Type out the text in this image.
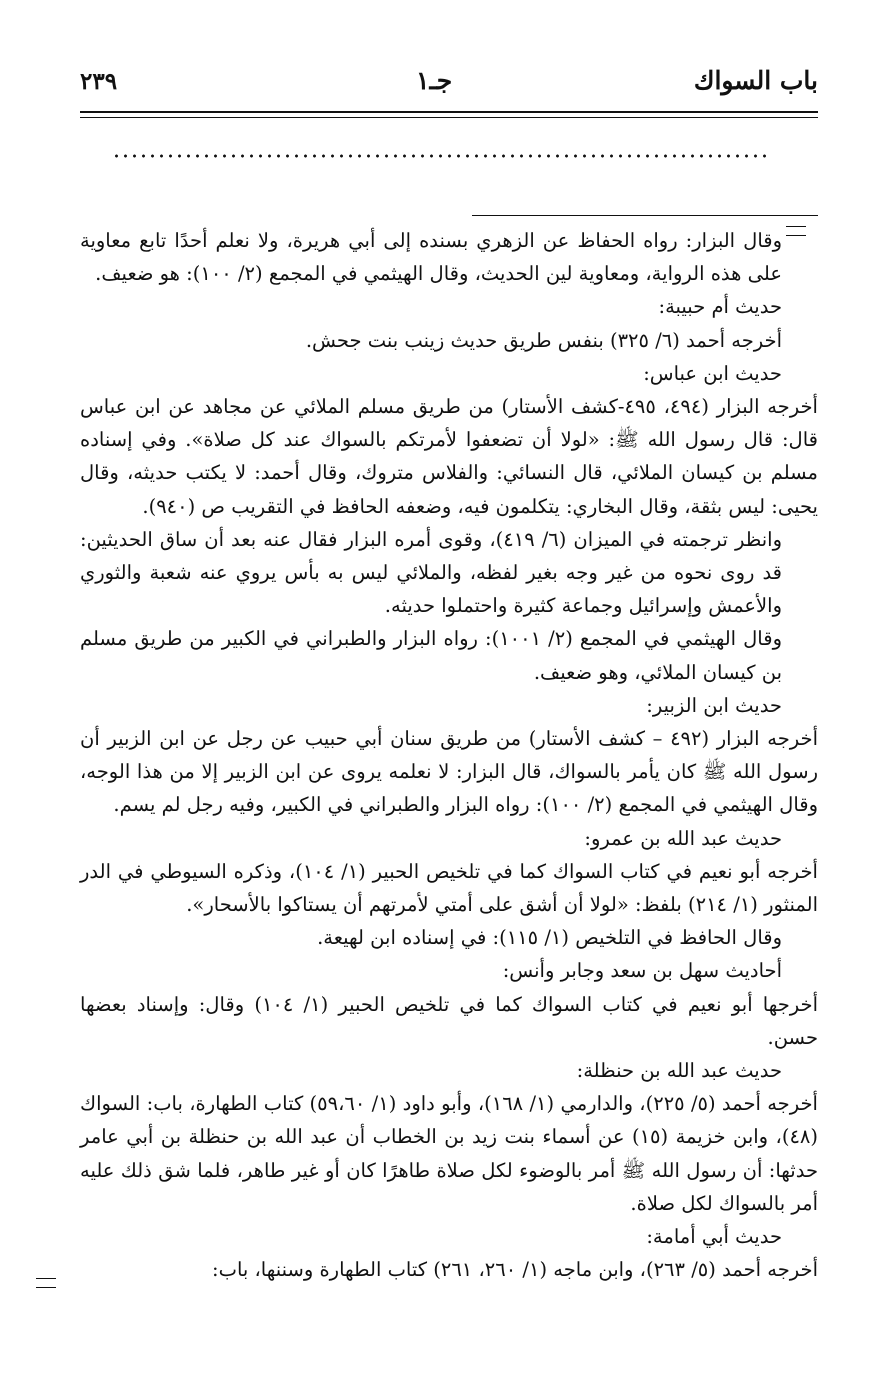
باب السواك
جـ١
٢٣٩

وقال البزار: رواه الحفاظ عن الزهري بسنده إلى أبي هريرة، ولا نعلم أحدًا تابع معاوية على هذه الرواية، ومعاوية لين الحديث، وقال الهيثمي في المجمع (٢/ ١٠٠): هو ضعيف.

حديث أم حبيبة:

أخرجه أحمد (٦/ ٣٢٥) بنفس طريق حديث زينب بنت جحش.

حديث ابن عباس:

أخرجه البزار (٤٩٤، ٤٩٥-كشف الأستار) من طريق مسلم الملائي عن مجاهد عن ابن عباس قال: قال رسول الله ﷺ: «لولا أن تضعفوا لأمرتكم بالسواك عند كل صلاة». وفي إسناده مسلم بن كيسان الملائي، قال النسائي: والفلاس متروك، وقال أحمد: لا يكتب حديثه، وقال يحيى: ليس بثقة، وقال البخاري: يتكلمون فيه، وضعفه الحافظ في التقريب ص (٩٤٠).

وانظر ترجمته في الميزان (٦/ ٤١٩)، وقوى أمره البزار فقال عنه بعد أن ساق الحديثين: قد روى نحوه من غير وجه بغير لفظه، والملائي ليس به بأس يروي عنه شعبة والثوري والأعمش وإسرائيل وجماعة كثيرة واحتملوا حديثه.

وقال الهيثمي في المجمع (٢/ ١٠٠١): رواه البزار والطبراني في الكبير من طريق مسلم بن كيسان الملائي، وهو ضعيف.

حديث ابن الزبير:

أخرجه البزار (٤٩٢ – كشف الأستار) من طريق سنان أبي حبيب عن رجل عن ابن الزبير أن رسول الله ﷺ كان يأمر بالسواك، قال البزار: لا نعلمه يروى عن ابن الزبير إلا من هذا الوجه، وقال الهيثمي في المجمع (٢/ ١٠٠): رواه البزار والطبراني في الكبير، وفيه رجل لم يسم.

حديث عبد الله بن عمرو:

أخرجه أبو نعيم في كتاب السواك كما في تلخيص الحبير (١/ ١٠٤)، وذكره السيوطي في الدر المنثور (١/ ٢١٤) بلفظ: «لولا أن أشق على أمتي لأمرتهم أن يستاكوا بالأسحار».

وقال الحافظ في التلخيص (١/ ١١٥): في إسناده ابن لهيعة.

أحاديث سهل بن سعد وجابر وأنس:

أخرجها أبو نعيم في كتاب السواك كما في تلخيص الحبير (١/ ١٠٤) وقال: وإسناد بعضها حسن.

حديث عبد الله بن حنظلة:

أخرجه أحمد (٥/ ٢٢٥)، والدارمي (١/ ١٦٨)، وأبو داود (١/ ٥٩،٦٠) كتاب الطهارة، باب: السواك (٤٨)، وابن خزيمة (١٥) عن أسماء بنت زيد بن الخطاب أن عبد الله بن حنظلة بن أبي عامر حدثها: أن رسول الله ﷺ أمر بالوضوء لكل صلاة طاهرًا كان أو غير طاهر، فلما شق ذلك عليه أمر بالسواك لكل صلاة.

حديث أبي أمامة:

أخرجه أحمد (٥/ ٢٦٣)، وابن ماجه (١/ ٢٦٠، ٢٦١) كتاب الطهارة وسننها، باب:
